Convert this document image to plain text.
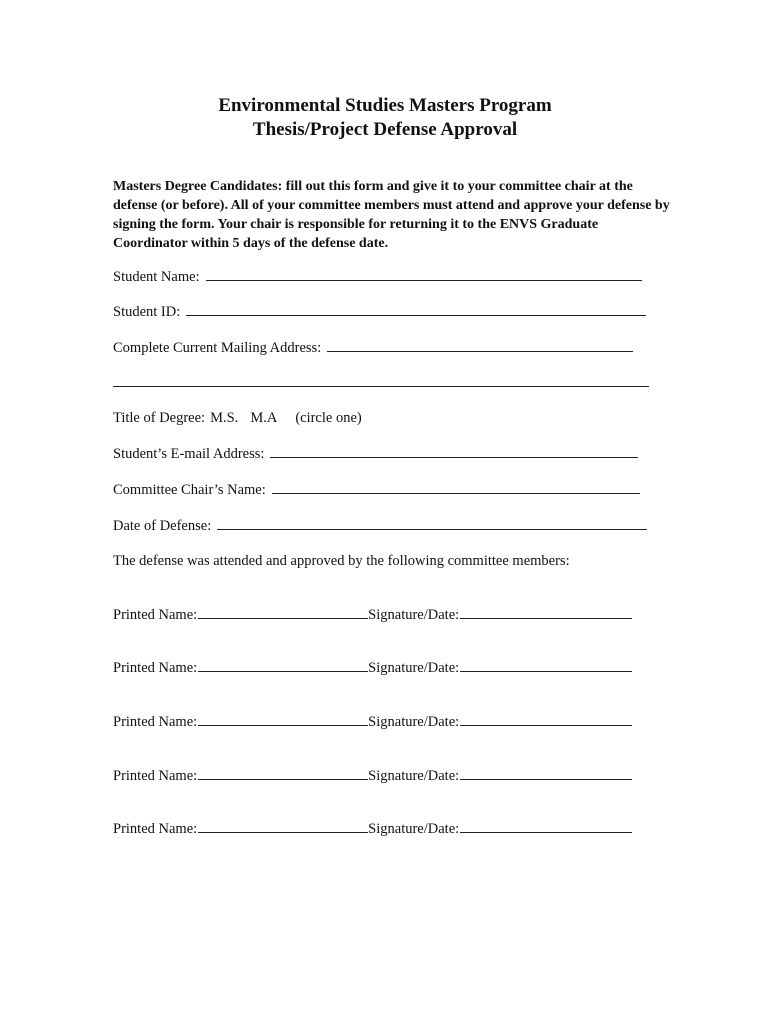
Environmental Studies Masters Program
Thesis/Project Defense Approval
Masters Degree Candidates: fill out this form and give it to your committee chair at the defense (or before). All of your committee members must attend and approve your defense by signing the form. Your chair is responsible for returning it to the ENVS Graduate Coordinator within 5 days of the defense date.
Student Name:
Student ID:
Complete Current Mailing Address:
Title of Degree: M.S. M.A (circle one)
Student’s E-mail Address:
Committee Chair’s Name:
Date of Defense:
The defense was attended and approved by the following committee members:
Printed Name:	Signature/Date:
Printed Name:	Signature/Date:
Printed Name:	Signature/Date:
Printed Name:	Signature/Date:
Printed Name:	Signature/Date:
